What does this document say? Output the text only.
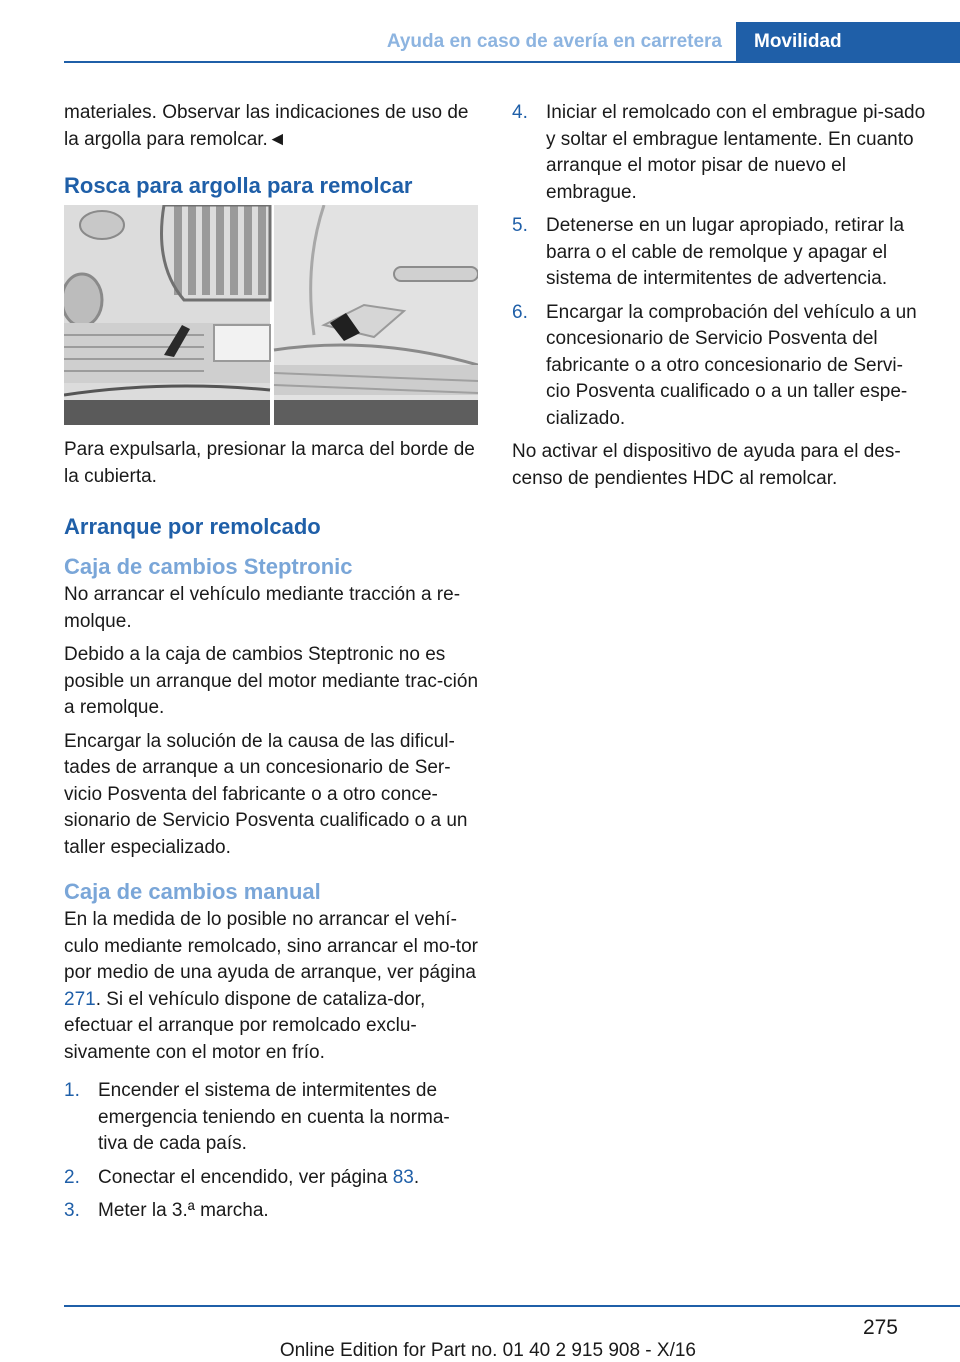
Ayuda en caso de avería en carretera Movilidad

materiales. Observar las indicaciones de uso de la argolla para remolcar.◄

Rosca para argolla para remolcar

Para expulsarla, presionar la marca del borde de la cubierta.

Arranque por remolcado
Caja de cambios Steptronic

No arrancar el vehículo mediante tracción a re‐molque.

Debido a la caja de cambios Steptronic no es posible un arranque del motor mediante trac‐ción a remolque.

Encargar la solución de la causa de las dificul‐tades de arranque a un concesionario de Ser‐vicio Posventa del fabricante o a otro conce‐sionario de Servicio Posventa cualificado o a un taller especializado.

Caja de cambios manual

En la medida de lo posible no arrancar el vehí‐culo mediante remolcado, sino arrancar el mo‐tor por medio de una ayuda de arranque, ver página 271. Si el vehículo dispone de cataliza‐dor, efectuar el arranque por remolcado exclu‐sivamente con el motor en frío.

1. Encender el sistema de intermitentes de emergencia teniendo en cuenta la norma‐tiva de cada país.
2. Conectar el encendido, ver página 83.
3. Meter la 3.ª marcha.
4. Iniciar el remolcado con el embrague pi‐sado y soltar el embrague lentamente. En cuanto arranque el motor pisar de nuevo el embrague.
5. Detenerse en un lugar apropiado, retirar la barra o el cable de remolque y apagar el sistema de intermitentes de advertencia.
6. Encargar la comprobación del vehículo a un concesionario de Servicio Posventa del fabricante o a otro concesionario de Servi‐cio Posventa cualificado o a un taller espe‐cializado.

No activar el dispositivo de ayuda para el des‐censo de pendientes HDC al remolcar.

275
Online Edition for Part no. 01 40 2 915 908 - X/16
